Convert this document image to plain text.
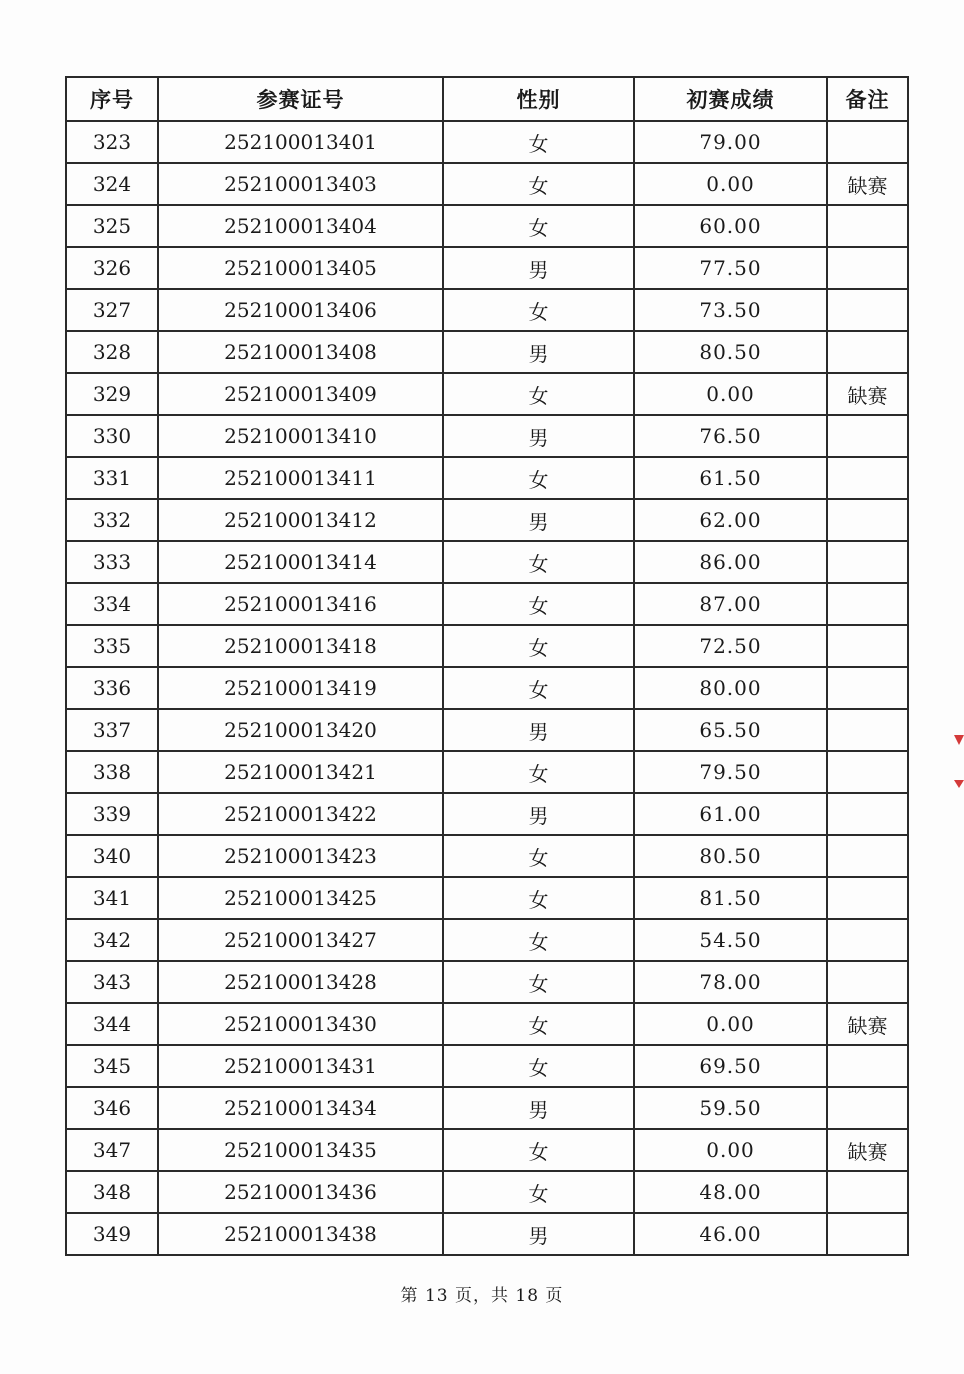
序号	参赛证号	性别	初赛成绩	备注
323	252100013401	女	79.00	
324	252100013403	女	0.00	缺赛
325	252100013404	女	60.00	
326	252100013405	男	77.50	
327	252100013406	女	73.50	
328	252100013408	男	80.50	
329	252100013409	女	0.00	缺赛
330	252100013410	男	76.50	
331	252100013411	女	61.50	
332	252100013412	男	62.00	
333	252100013414	女	86.00	
334	252100013416	女	87.00	
335	252100013418	女	72.50	
336	252100013419	女	80.00	
337	252100013420	男	65.50	
338	252100013421	女	79.50	
339	252100013422	男	61.00	
340	252100013423	女	80.50	
341	252100013425	女	81.50	
342	252100013427	女	54.50	
343	252100013428	女	78.00	
344	252100013430	女	0.00	缺赛
345	252100013431	女	69.50	
346	252100013434	男	59.50	
347	252100013435	女	0.00	缺赛
348	252100013436	女	48.00	
349	252100013438	男	46.00	
第 13 页，共 18 页
